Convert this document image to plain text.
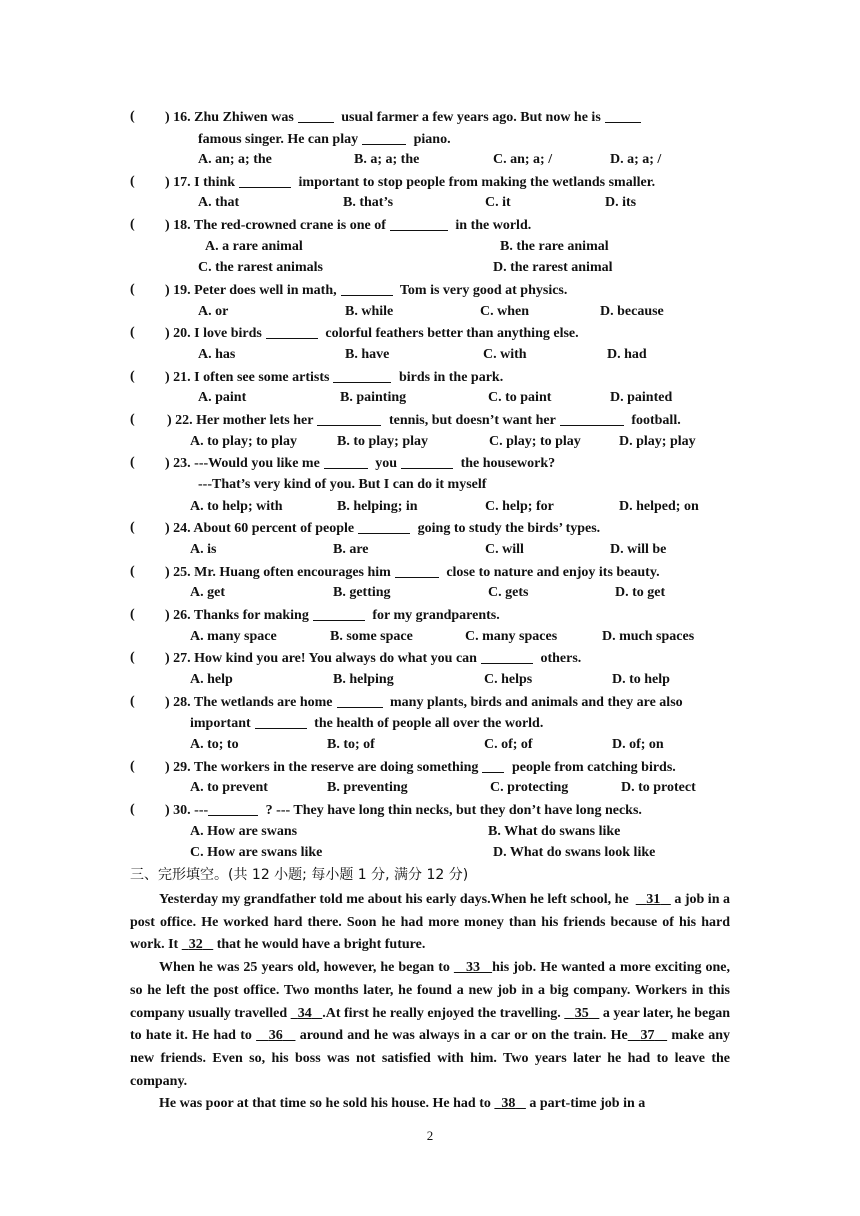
( ) 16. Zhu Zhiwen was	usual farmer a few years ago. But now he is
famous singer. He can play	piano.
A. an; a; the	B. a; a; the	C. an; a; /	D. a; a; /
( ) 17. I think	important to stop people from making the wetlands smaller.
A. that	B. that’s	C. it	D. its
( ) 18. The red-crowned crane is one of	in the world.
A. a rare animal	B. the rare animal
C. the rarest animals	D. the rarest animal
( ) 19. Peter does well in math,	Tom is very good at physics.
A. or	B. while	C. when	D. because
( ) 20. I love birds	colorful feathers better than anything else.
A. has	B. have	C. with	D. had
( ) 21. I often see some artists	birds in the park.
A. paint	B. painting	C. to paint	D. painted
( ) 22. Her mother lets her	tennis, but doesn’t want her	football.
A. to play; to play	B. to play; play	C. play; to play	D. play; play
( ) 23. ---Would you like me	you	the housework?
---That’s very kind of you. But I can do it myself
A. to help; with	B. helping; in	C. help; for	D. helped; on
( ) 24. About 60 percent of people	going to study the birds’ types.
A. is	B. are	C. will	D. will be
( ) 25. Mr. Huang often encourages him	close to nature and enjoy its beauty.
A. get	B. getting	C. gets	D. to get
( ) 26. Thanks for making	for my grandparents.
A. many space	B. some space	C. many spaces	D. much spaces
( ) 27. How kind you are! You always do what you can	others.
A. help	B. helping	C. helps	D. to help
( ) 28. The wetlands are home	many plants, birds and animals and they are also
important	the health of people all over the world.
A. to; to	B. to; of	C. of; of	D. of; on
( ) 29. The workers in the reserve are doing something people from catching birds.
A. to prevent	B. preventing	C. protecting	D. to protect
( ) 30. ---	? --- They have long thin necks, but they don’t have long necks.
A. How are swans	B. What do swans like
C. How are swans like	D. What do swans look like
三、完形填空。(共 12 小题; 每小题 1 分, 满分 12 分)

Yesterday my grandfather told me about his early days.When he left school, he 31 a job in a post office. He worked hard there. Soon he had more money than his friends because of his hard work. It 32 that he would have a bright future.

When he was 25 years old, however, he began to 33 his job. He wanted a more exciting one, so he left the post office. Two months later, he found a new job in a big company. Workers in this company usually travelled 34 .At first he really enjoyed the travelling. 35 a year later, he began to hate it. He had to 36 around and he was always in a car or on the train. He 37 make any new friends. Even so, his boss was not satisfied with him. Two years later he had to leave the company.

He was poor at that time so he sold his house. He had to 38 a part-time job in a

2
